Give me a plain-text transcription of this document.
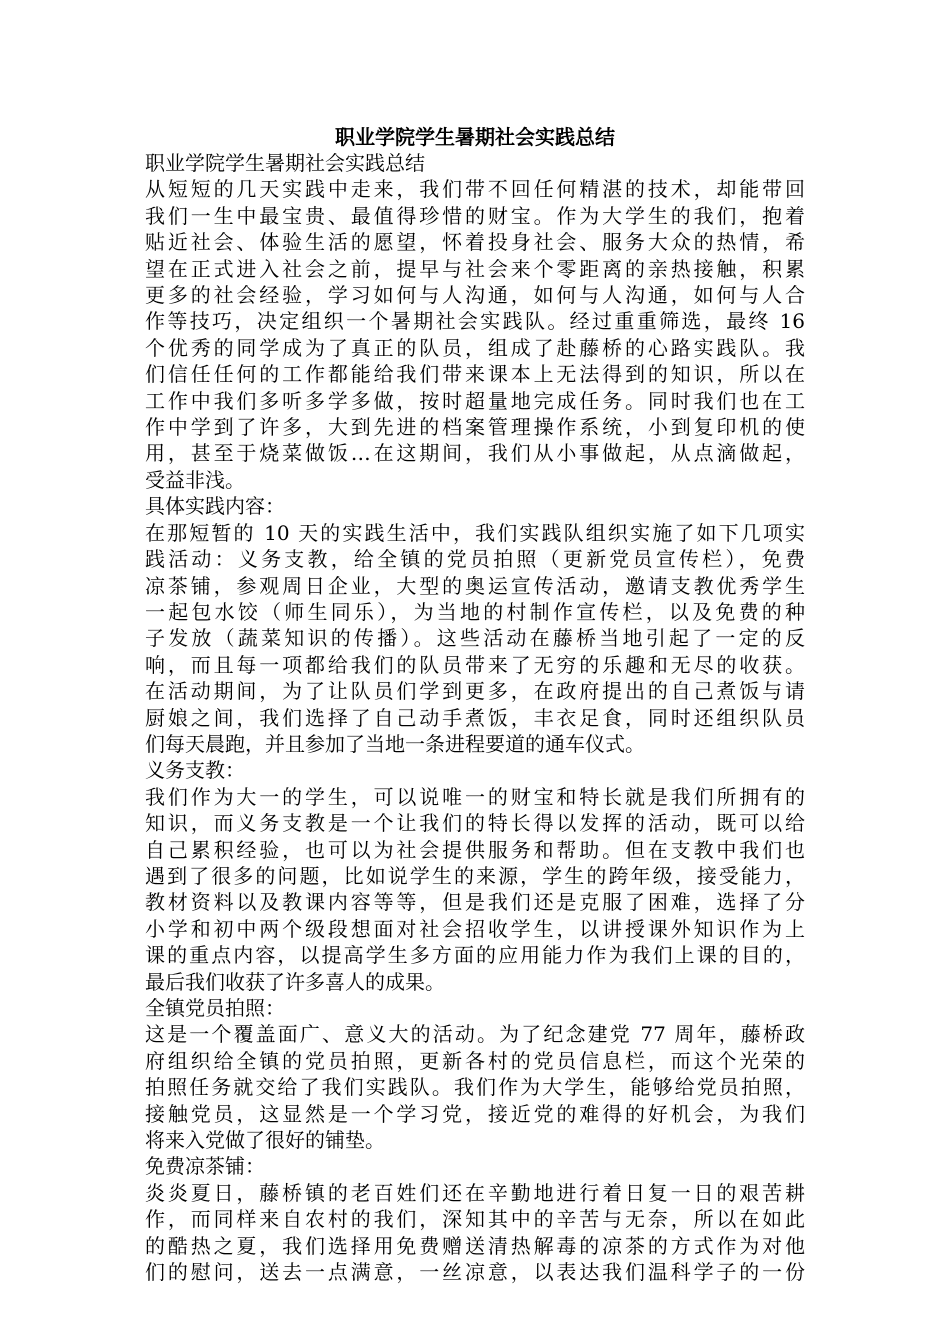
职业学院学生暑期社会实践总结
职业学院学生暑期社会实践总结
从短短的几天实践中走来，我们带不回任何精湛的技术，却能带回
我们一生中最宝贵、最值得珍惜的财宝。作为大学生的我们，抱着
贴近社会、体验生活的愿望，怀着投身社会、服务大众的热情，希
望在正式进入社会之前，提早与社会来个零距离的亲热接触，积累
更多的社会经验，学习如何与人沟通，如何与人沟通，如何与人合
作等技巧，决定组织一个暑期社会实践队。经过重重筛选，最终 16
个优秀的同学成为了真正的队员，组成了赴藤桥的心路实践队。我
们信任任何的工作都能给我们带来课本上无法得到的知识，所以在
工作中我们多听多学多做，按时超量地完成任务。同时我们也在工
作中学到了许多，大到先进的档案管理操作系统，小到复印机的使
用，甚至于烧菜做饭…在这期间，我们从小事做起，从点滴做起，
受益非浅。
具体实践内容：
在那短暂的 10 天的实践生活中，我们实践队组织实施了如下几项实
践活动：义务支教，给全镇的党员拍照（更新党员宣传栏），免费
凉茶铺，参观周日企业，大型的奥运宣传活动，邀请支教优秀学生
一起包水饺（师生同乐），为当地的村制作宣传栏，以及免费的种
子发放（蔬菜知识的传播）。这些活动在藤桥当地引起了一定的反
响，而且每一项都给我们的队员带来了无穷的乐趣和无尽的收获。
在活动期间，为了让队员们学到更多，在政府提出的自己煮饭与请
厨娘之间，我们选择了自己动手煮饭，丰衣足食，同时还组织队员
们每天晨跑，并且参加了当地一条进程要道的通车仪式。
义务支教：
我们作为大一的学生，可以说唯一的财宝和特长就是我们所拥有的
知识，而义务支教是一个让我们的特长得以发挥的活动，既可以给
自己累积经验，也可以为社会提供服务和帮助。但在支教中我们也
遇到了很多的问题，比如说学生的来源，学生的跨年级，接受能力，
教材资料以及教课内容等等，但是我们还是克服了困难，选择了分
小学和初中两个级段想面对社会招收学生，以讲授课外知识作为上
课的重点内容，以提高学生多方面的应用能力作为我们上课的目的，
最后我们收获了许多喜人的成果。
全镇党员拍照：
这是一个覆盖面广、意义大的活动。为了纪念建党 77 周年，藤桥政
府组织给全镇的党员拍照，更新各村的党员信息栏，而这个光荣的
拍照任务就交给了我们实践队。我们作为大学生，能够给党员拍照，
接触党员，这显然是一个学习党，接近党的难得的好机会，为我们
将来入党做了很好的铺垫。
免费凉茶铺：
炎炎夏日，藤桥镇的老百姓们还在辛勤地进行着日复一日的艰苦耕
作，而同样来自农村的我们，深知其中的辛苦与无奈，所以在如此
的酷热之夏，我们选择用免费赠送清热解毒的凉茶的方式作为对他
们的慰问，送去一点满意，一丝凉意，以表达我们温科学子的一份
